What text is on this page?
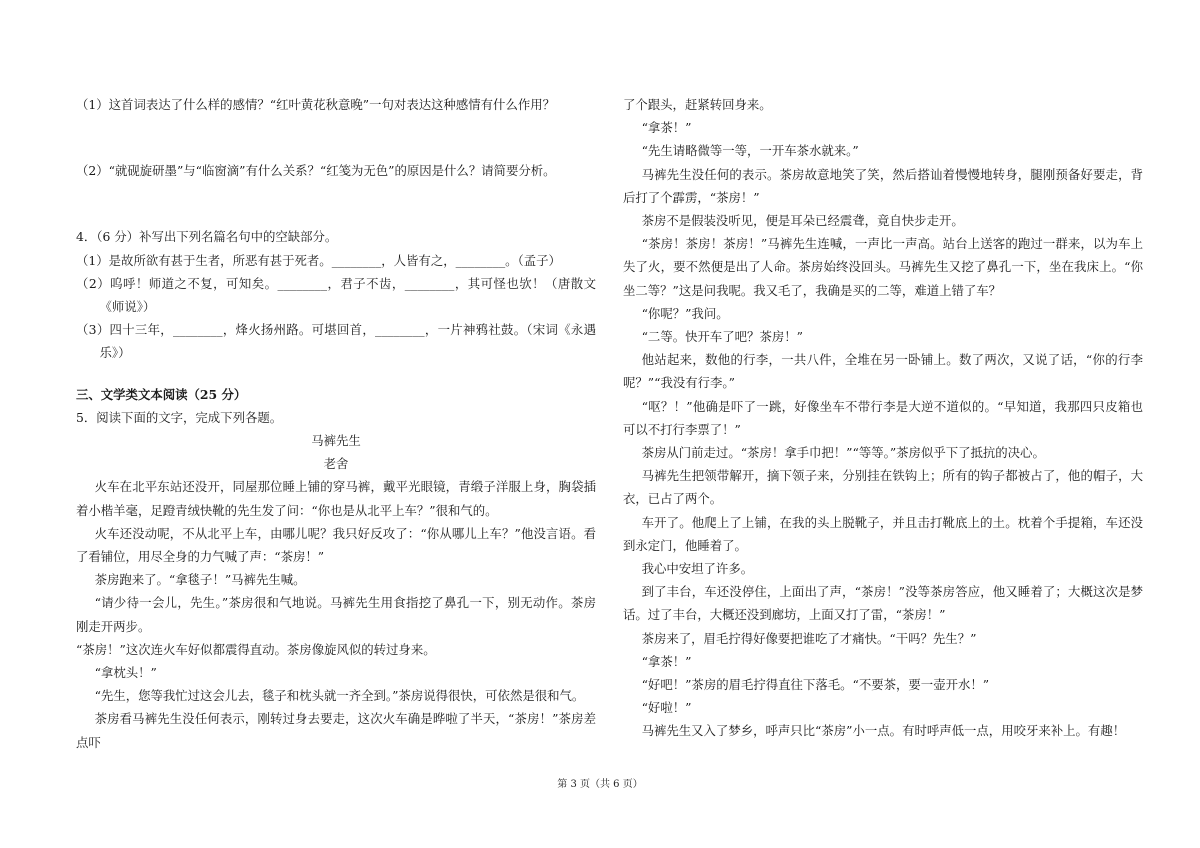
（1）这首词表达了什么样的感情？“红叶黄花秋意晚”一句对表达这种感情有什么作用？

（2）“就砚旋研墨”与“临窗滴”有什么关系？“红笺为无色”的原因是什么？请简要分析。

4．（6 分）补写出下列名篇名句中的空缺部分。

（1）是故所欲有甚于生者，所恶有甚于死者。________，人皆有之，________。（孟子）

（2）呜呼！师道之不复，可知矣。________，君子不齿，________，其可怪也欤！（唐散文《师说》）

（3）四十三年，________，烽火扬州路。可堪回首，________，一片神鸦社鼓。（宋词《永遇乐》）

三、文学类文本阅读（25 分）

5．阅读下面的文字，完成下列各题。

马裤先生

老舍

火车在北平东站还没开，同屋那位睡上铺的穿马裤，戴平光眼镜，青缎子洋服上身，胸袋插着小楷羊毫，足蹬青绒快靴的先生发了问：“你也是从北平上车？”很和气的。

火车还没动呢，不从北平上车，由哪儿呢？我只好反攻了：“你从哪儿上车？”他没言语。看了看铺位，用尽全身的力气喊了声：“茶房！”

茶房跑来了。“拿毯子！”马裤先生喊。

“请少待一会儿，先生。”茶房很和气地说。马裤先生用食指挖了鼻孔一下，别无动作。茶房刚走开两步。

“茶房！”这次连火车好似都震得直动。茶房像旋风似的转过身来。

“拿枕头！”

“先生，您等我忙过这会儿去，毯子和枕头就一齐全到。”茶房说得很快，可依然是很和气。

茶房看马裤先生没任何表示，刚转过身去要走，这次火车确是晔啦了半天，“茶房！”茶房差点吓

了个跟头，赶紧转回身来。

“拿茶！”

“先生请略微等一等，一开车茶水就来。”

马裤先生没任何的表示。茶房故意地笑了笑，然后搭讪着慢慢地转身，腿刚预备好要走，背后打了个霹雳，“茶房！”

茶房不是假装没听见，便是耳朵已经震聋，竟自快步走开。

“茶房！茶房！茶房！”马裤先生连喊，一声比一声高。站台上送客的跑过一群来，以为车上失了火，要不然便是出了人命。茶房始终没回头。马裤先生又挖了鼻孔一下，坐在我床上。“你坐二等？”这是问我呢。我又毛了，我确是买的二等，难道上错了车？

“你呢？”我问。

“二等。快开车了吧？茶房！”

他站起来，数他的行李，一共八件，全堆在另一卧铺上。数了两次，又说了话，“你的行李呢？”“我没有行李。”

“呕？！”他确是吓了一跳，好像坐车不带行李是大逆不道似的。“早知道，我那四只皮箱也可以不打行李票了！”

茶房从门前走过。“茶房！拿手巾把！”“等等。”茶房似乎下了抵抗的决心。

马裤先生把领带解开，摘下领子来，分别挂在铁钩上；所有的钩子都被占了，他的帽子，大衣，已占了两个。

车开了。他爬上了上铺，在我的头上脱靴子，并且击打靴底上的土。枕着个手提箱，车还没到永定门，他睡着了。

我心中安坦了许多。

到了丰台，车还没停住，上面出了声，“茶房！”没等茶房答应，他又睡着了；大概这次是梦话。过了丰台，大概还没到廊坊，上面又打了雷，“茶房！”

茶房来了，眉毛拧得好像要把谁吃了才痛快。“干吗？先生？”

“拿茶！”

“好吧！”茶房的眉毛拧得直往下落毛。“不要茶，要一壶开水！”

“好啦！”

马裤先生又入了梦乡，呼声只比“茶房”小一点。有时呼声低一点，用咬牙来补上。有趣！

第 3 页（共 6 页）
